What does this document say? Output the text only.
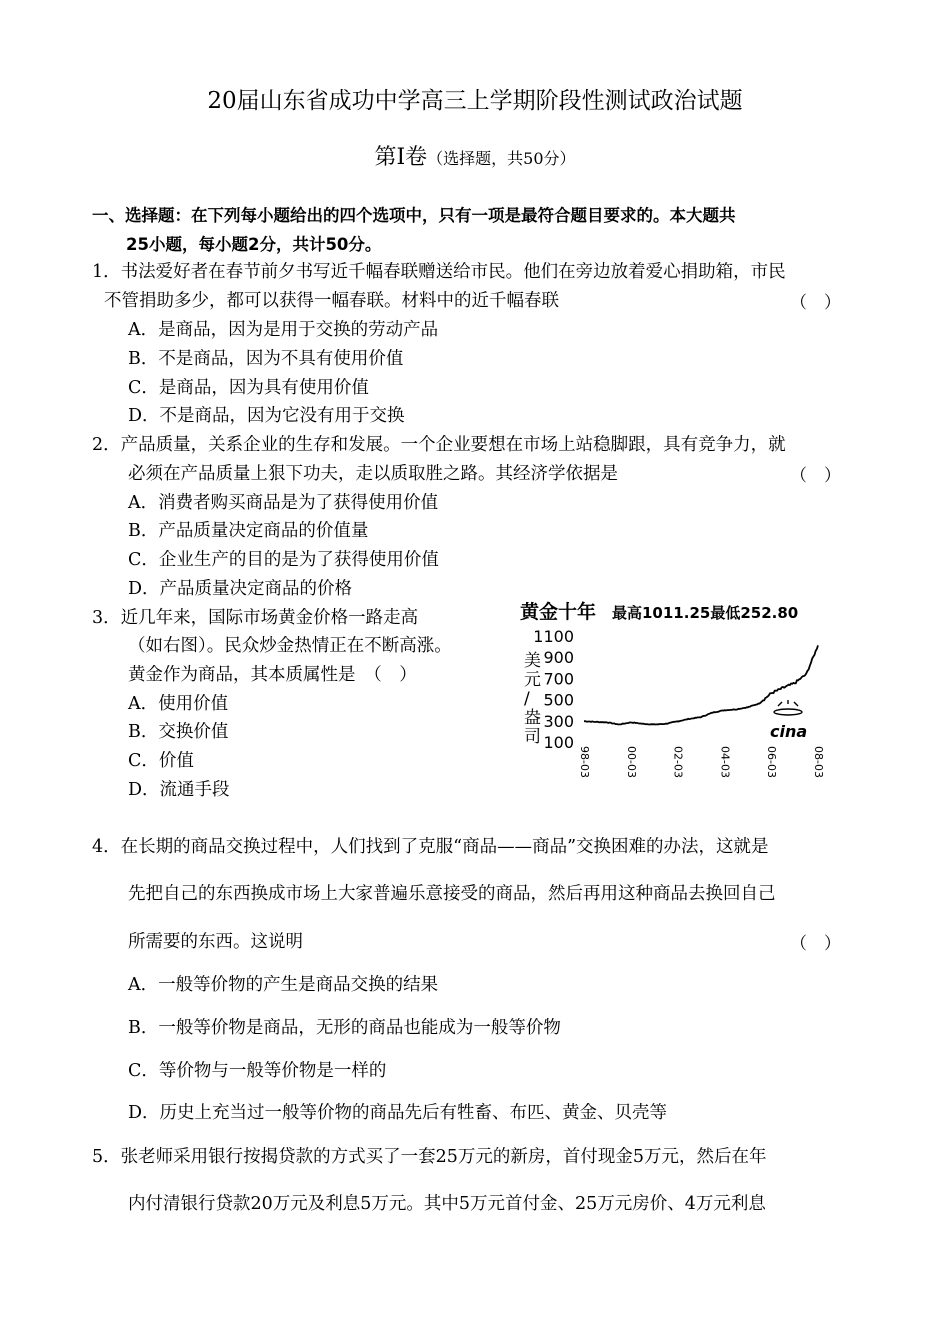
20届山东省成功中学高三上学期阶段性测试政治试题
第Ⅰ卷（选择题，共50分）
一、选择题：在下列每小题给出的四个选项中，只有一项是最符合题目要求的。本大题共
25小题，每小题2分，共计50分。
1．书法爱好者在春节前夕书写近千幅春联赠送给市民。他们在旁边放着爱心捐助箱，市民
不管捐助多少，都可以获得一幅春联。材料中的近千幅春联	（　）
A．是商品，因为是用于交换的劳动产品
B．不是商品，因为不具有使用价值
C．是商品，因为具有使用价值
D．不是商品，因为它没有用于交换
2．产品质量，关系企业的生存和发展。一个企业要想在市场上站稳脚跟，具有竞争力，就
必须在产品质量上狠下功夫，走以质取胜之路。其经济学依据是	（　）
A．消费者购买商品是为了获得使用价值
B．产品质量决定商品的价值量
C．企业生产的目的是为了获得使用价值
D．产品质量决定商品的价格
3．近几年来，国际市场黄金价格一路走高
（如右图）。民众炒金热情正在不断高涨。
黄金作为商品，其本质属性是　（　）
A．使用价值
B．交换价值
C．价值
D．流通手段
黄金十年 最高1011.25最低252.80
美
元
/
盎
司
1100
900
700
500
300
100
98-03	00-03	02-03	04-03	06-03	08-03
cina
4．在长期的商品交换过程中，人们找到了克服“商品——商品”交换困难的办法，这就是
先把自己的东西换成市场上大家普遍乐意接受的商品，然后再用这种商品去换回自己
所需要的东西。这说明	（　）
A．一般等价物的产生是商品交换的结果
B．一般等价物是商品，无形的商品也能成为一般等价物
C．等价物与一般等价物是一样的
D．历史上充当过一般等价物的商品先后有牲畜、布匹、黄金、贝壳等
5．张老师采用银行按揭贷款的方式买了一套25万元的新房，首付现金5万元，然后在年
内付清银行贷款20万元及利息5万元。其中5万元首付金、25万元房价、4万元利息
